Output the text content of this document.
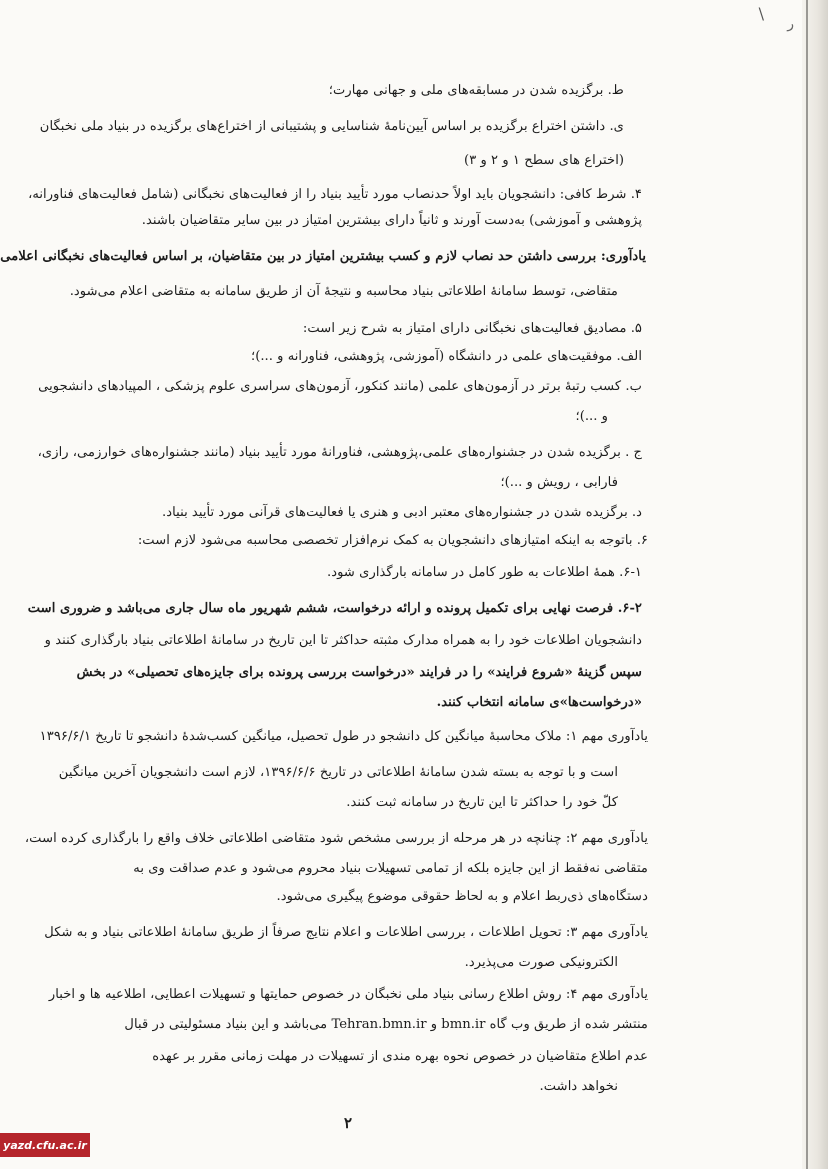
\
ر
ط. برگزیده شدن در مسابقه‌های ملی و جهانی مهارت؛
ی. داشتن اختراع برگزیده بر اساس آیین‌نامهٔ شناسایی و پشتیبانی از اختراع‌های برگزیده در بنیاد ملی نخبگان
(اختراع های سطح ۱ و ۲ و ۳)
۴. شرط کافی: دانشجویان باید اولاً حدنصاب مورد تأیید بنیاد را از فعالیت‌های نخبگانی (شامل فعالیت‌های فناورانه،
پژوهشی و آموزشی) به‌دست آورند و ثانیاً دارای بیشترین امتیاز در بین سایر متقاضیان باشند.
یادآوری: بررسی داشتن حد نصاب لازم و کسب بیشترین امتیاز در بین متقاضیان، بر اساس فعالیت‌های نخبگانی اعلامی
متقاضی، توسط سامانهٔ اطلاعاتی بنیاد محاسبه و نتیجهٔ آن از طریق سامانه به متقاضی اعلام می‌شود.
۵. مصادیق فعالیت‌های نخبگانی دارای امتیاز به شرح زیر است:
الف. موفقیت‌های علمی در دانشگاه (آموزشی، پژوهشی، فناورانه و ...)؛
ب. کسب رتبهٔ برتر در آزمون‌های علمی (مانند کنکور، آزمون‌های سراسری علوم پزشکی ، المپیادهای دانشجویی
و ...)؛
ج . برگزیده شدن در جشنواره‌های علمی،پژوهشی، فناورانهٔ مورد تأیید بنیاد (مانند جشنواره‌های خوارزمی، رازی،
فارابی ، رویش و ...)؛
د. برگزیده شدن در جشنواره‌های معتبر ادبی و هنری یا فعالیت‌های قرآنی مورد تأیید بنیاد.
۶. باتوجه به اینکه امتیازهای دانشجویان به کمک نرم‌افزار تخصصی محاسبه می‌شود لازم است:
۶-۱. همهٔ اطلاعات به طور کامل در سامانه بارگذاری شود.
۶-۲. فرصت نهایی برای تکمیل پرونده و ارائه درخواست، ششم شهریور ماه سال جاری می‌باشد و ضروری است
دانشجویان اطلاعات خود را به همراه مدارک مثبته حداکثر تا این تاریخ در سامانهٔ اطلاعاتی بنیاد بارگذاری کنند و
سپس گزینهٔ «شروع فرایند» را در فرایند «درخواست بررسی پرونده برای جایزه‌های تحصیلی» در بخش
«درخواست‌ها»ی سامانه انتخاب کنند.
یادآوری مهم ۱: ملاک محاسبهٔ میانگین کل دانشجو در طول تحصیل، میانگین کسب‌شدهٔ دانشجو تا تاریخ ۱۳۹۶/۶/۱
است و با توجه به بسته شدن سامانهٔ اطلاعاتی در تاریخ ۱۳۹۶/۶/۶، لازم است دانشجویان آخرین میانگین
کلّ خود را حداکثر تا این تاریخ در سامانه ثبت کنند.
یادآوری مهم ۲: چنانچه در هر مرحله از بررسی مشخص شود متقاضی اطلاعاتی خلاف واقع را بارگذاری کرده است،
متقاضی نه‌فقط از این جایزه بلکه از تمامی تسهیلات بنیاد محروم می‌شود و عدم صداقت وی به
دستگاه‌های ذی‌ربط اعلام و به لحاظ حقوقی موضوع پیگیری می‌شود.
یادآوری مهم ۳: تحویل اطلاعات ، بررسی اطلاعات و اعلام نتایج صرفاً از طریق سامانهٔ اطلاعاتی بنیاد و به شکل
الکترونیکی صورت می‌پذیرد.
یادآوری مهم ۴: روش اطلاع رسانی بنیاد ملی نخبگان در خصوص حمایتها و تسهیلات اعطایی، اطلاعیه ها و اخبار
منتشر شده از طریق وب گاه bmn.ir و Tehran.bmn.ir می‌باشد و این بنیاد مسئولیتی در قبال
عدم اطلاع متقاضیان در خصوص نحوه بهره مندی از تسهیلات در مهلت زمانی مقرر بر عهده
نخواهد داشت.
۲
yazd.cfu.ac.ir
